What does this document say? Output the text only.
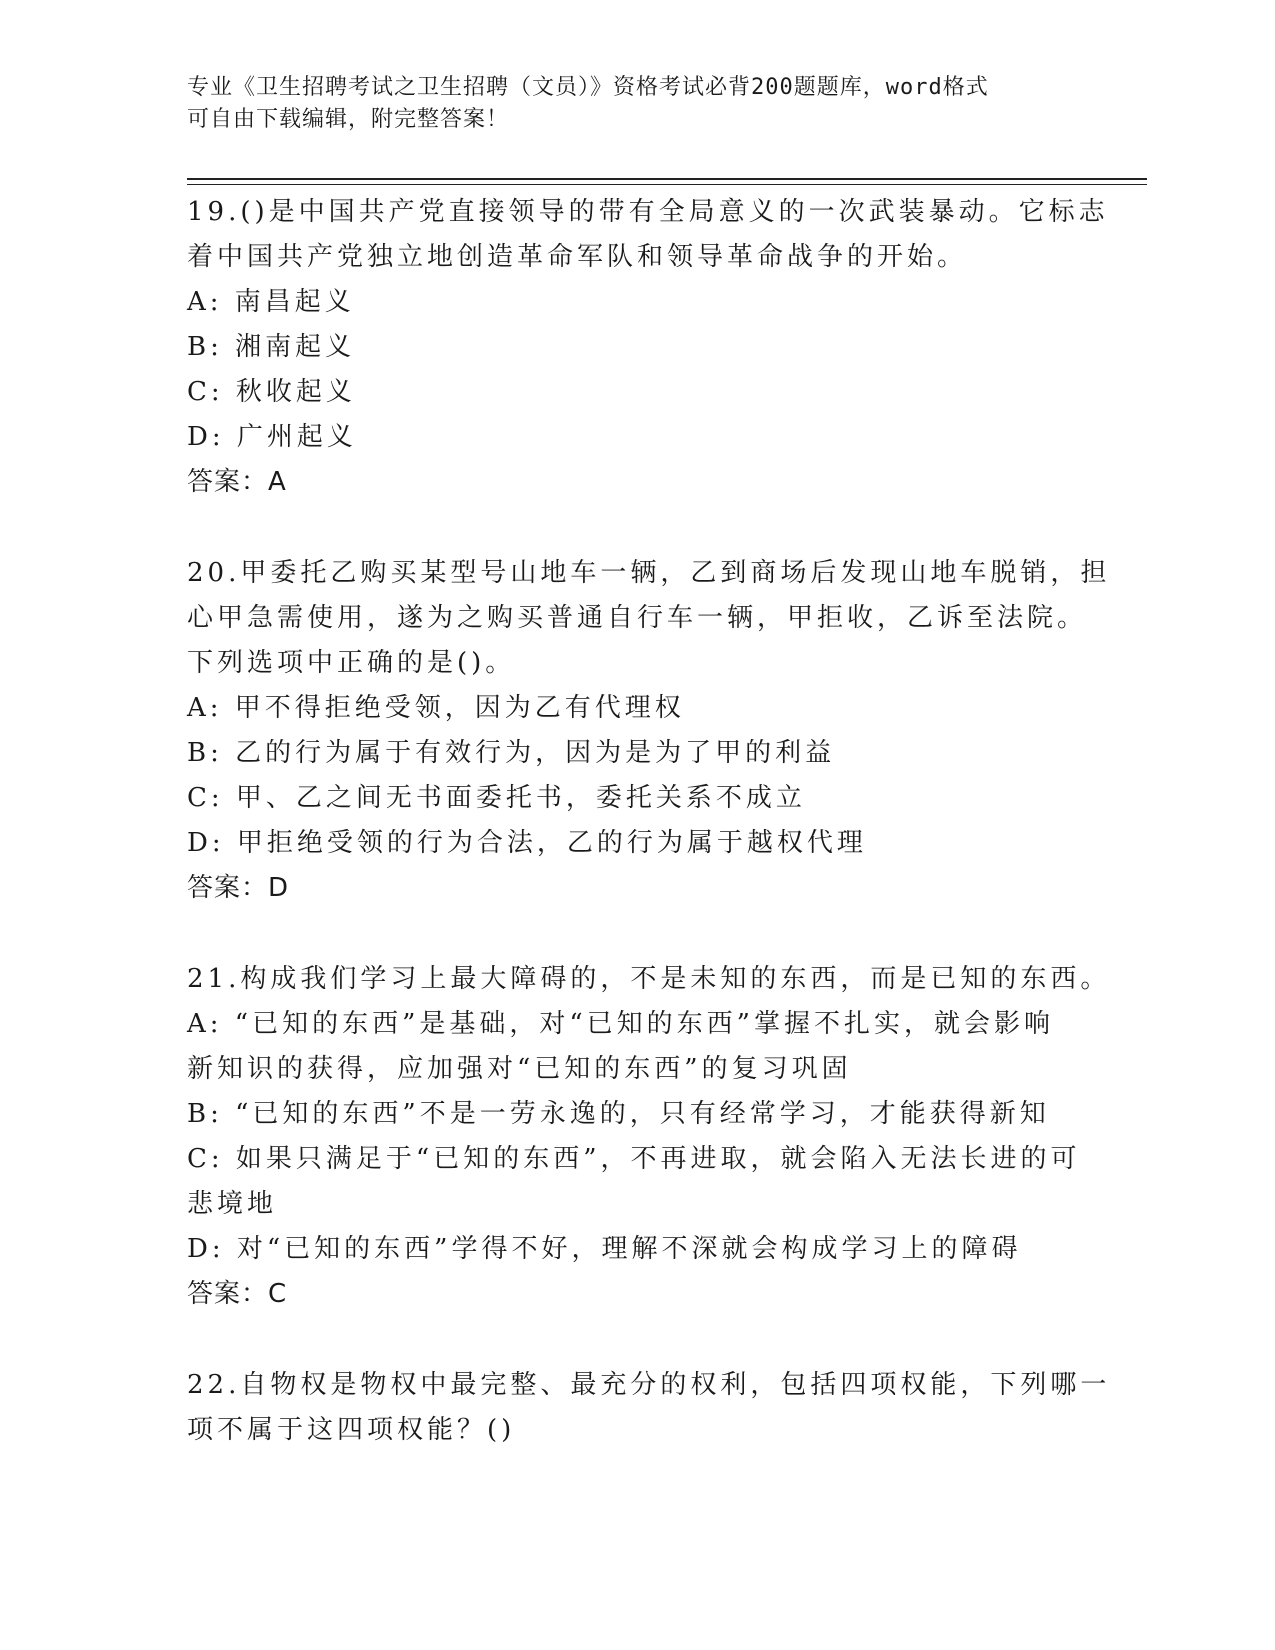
专业《卫生招聘考试之卫生招聘（文员）》资格考试必背200题题库，word格式
可自由下载编辑，附完整答案！
19.()是中国共产党直接领导的带有全局意义的一次武装暴动。它标志
着中国共产党独立地创造革命军队和领导革命战争的开始。
A: 南昌起义
B: 湘南起义
C: 秋收起义
D: 广州起义
答案：A
20.甲委托乙购买某型号山地车一辆，乙到商场后发现山地车脱销，担
心甲急需使用，遂为之购买普通自行车一辆，甲拒收，乙诉至法院。
下列选项中正确的是()。
A: 甲不得拒绝受领，因为乙有代理权
B: 乙的行为属于有效行为，因为是为了甲的利益
C: 甲、乙之间无书面委托书，委托关系不成立
D: 甲拒绝受领的行为合法，乙的行为属于越权代理
答案：D
21.构成我们学习上最大障碍的，不是未知的东西，而是已知的东西。
A: “已知的东西”是基础，对“已知的东西”掌握不扎实，就会影响
新知识的获得，应加强对“已知的东西”的复习巩固
B: “已知的东西”不是一劳永逸的，只有经常学习，才能获得新知
C: 如果只满足于“已知的东西”，不再进取，就会陷入无法长进的可
悲境地
D: 对“已知的东西”学得不好，理解不深就会构成学习上的障碍
答案：C
22.自物权是物权中最完整、最充分的权利，包括四项权能，下列哪一
项不属于这四项权能？()
